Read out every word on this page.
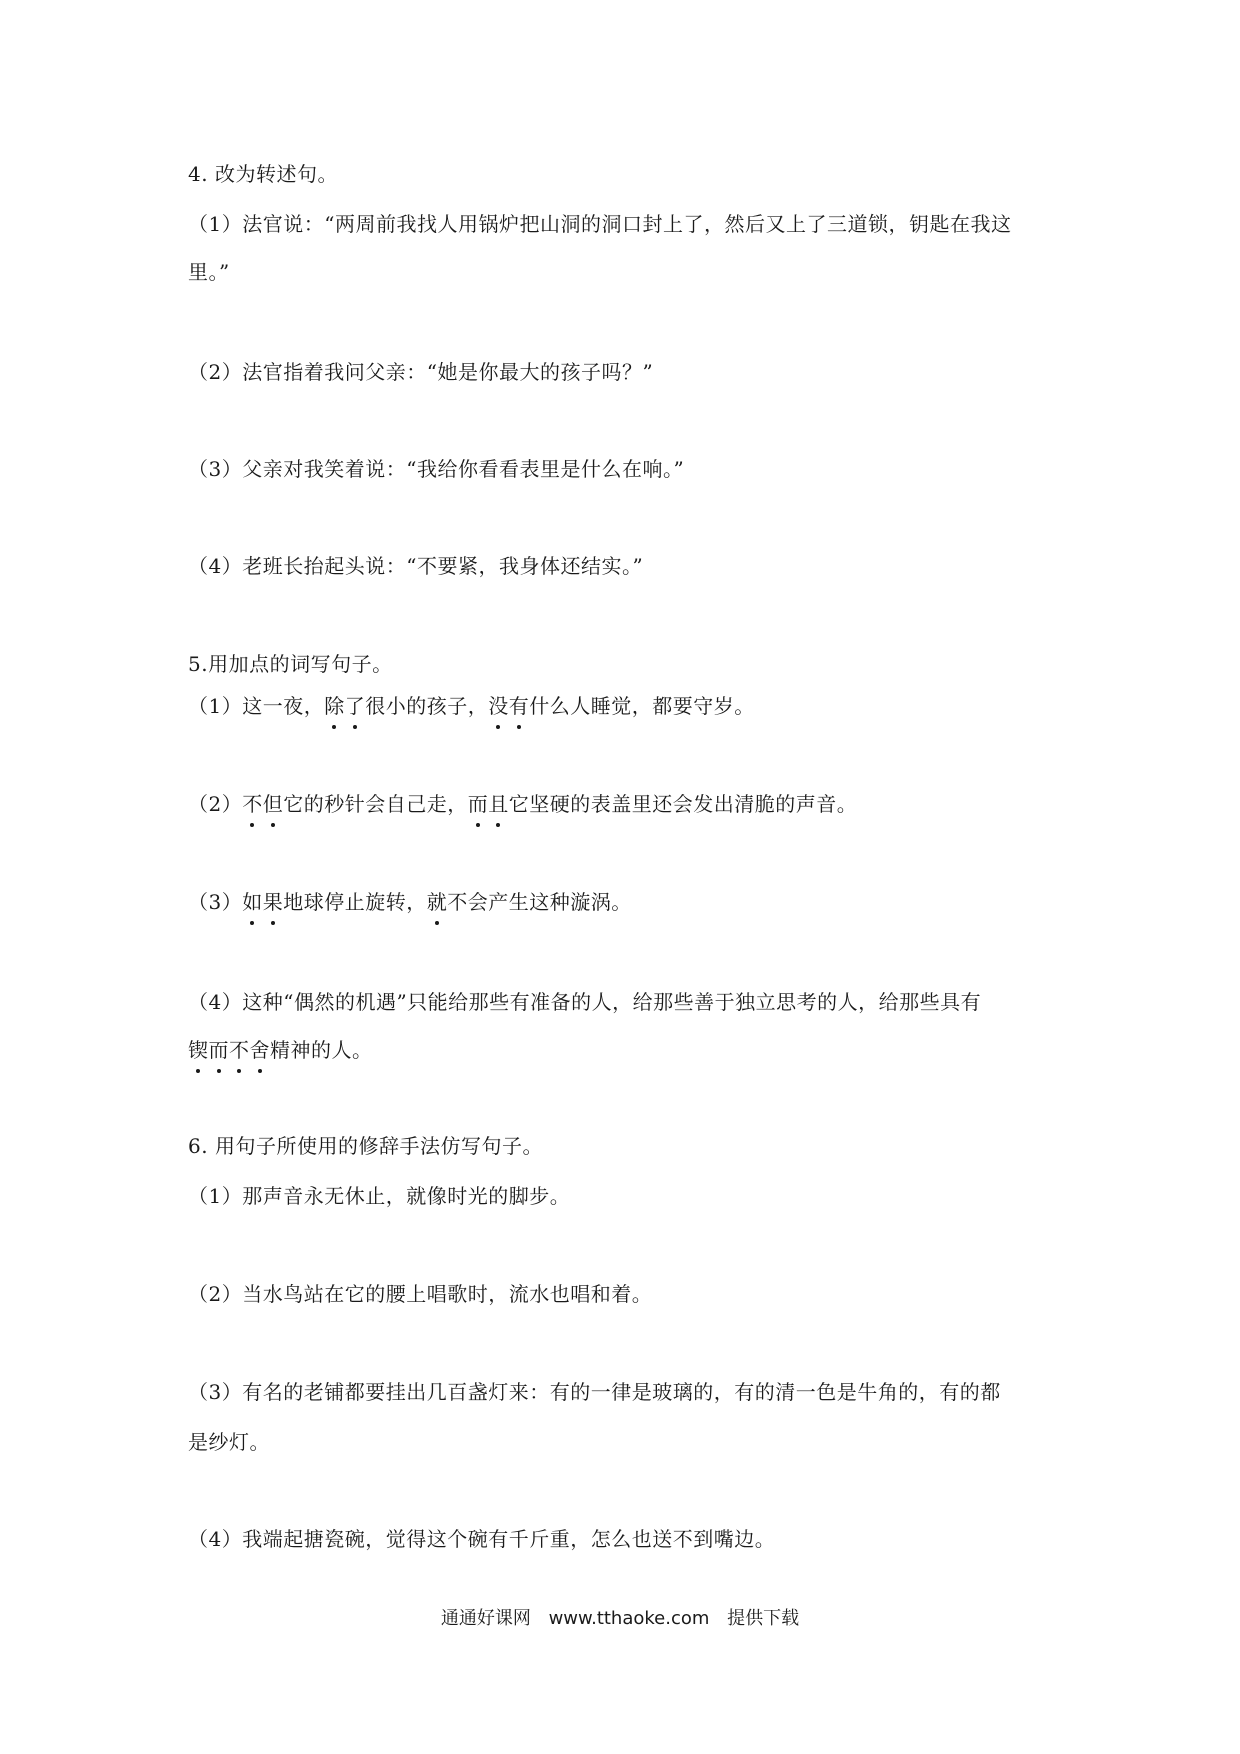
4. 改为转述句。
（1）法官说：“两周前我找人用锅炉把山洞的洞口封上了，然后又上了三道锁，钥匙在我这
里。”
（2）法官指着我问父亲：“她是你最大的孩子吗？”
（3）父亲对我笑着说：“我给你看看表里是什么在响。”
（4）老班长抬起头说：“不要紧，我身体还结实。”
5.用加点的词写句子。
（1）这一夜，除了很小的孩子，没有什么人睡觉，都要守岁。
（2）不但它的秒针会自己走，而且它坚硬的表盖里还会发出清脆的声音。
（3）如果地球停止旋转，就不会产生这种漩涡。
（4）这种“偶然的机遇”只能给那些有准备的人，给那些善于独立思考的人，给那些具有
锲而不舍精神的人。
6. 用句子所使用的修辞手法仿写句子。
（1）那声音永无休止，就像时光的脚步。
（2）当水鸟站在它的腰上唱歌时，流水也唱和着。
（3）有名的老铺都要挂出几百盏灯来：有的一律是玻璃的，有的清一色是牛角的，有的都
是纱灯。
（4）我端起搪瓷碗，觉得这个碗有千斤重，怎么也送不到嘴边。
通通好课网 www.tthaoke.com 提供下载
